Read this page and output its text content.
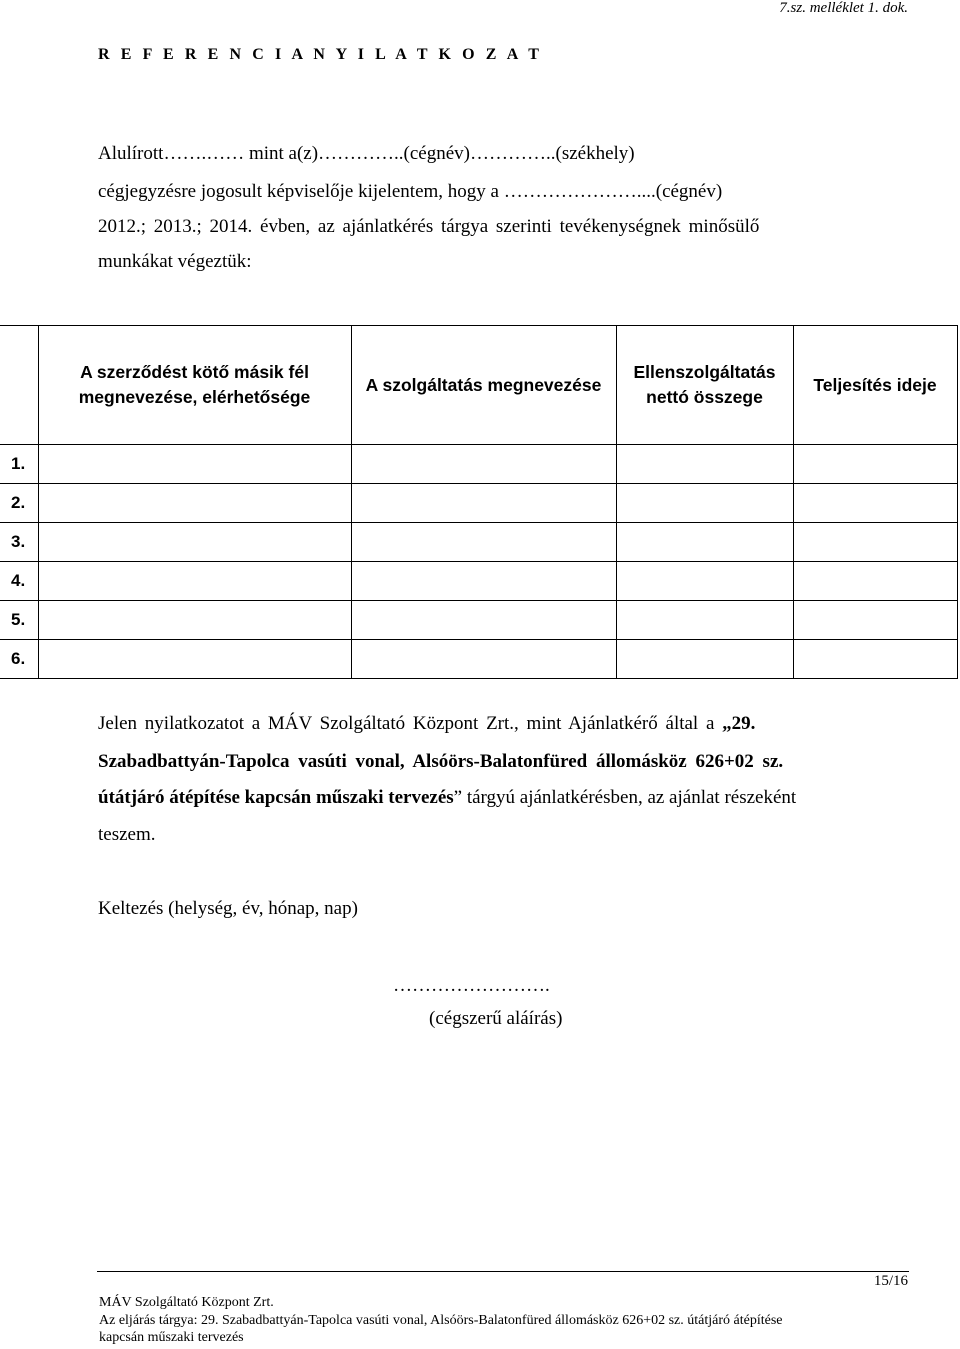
7.sz. melléklet 1. dok.
R E F E R E N C I A N Y I L A T K O Z A T
Alulírott…….…… mint a(z)…………..(cégnév)…………..(székhely)
cégjegyzésre jogosult képviselője kijelentem, hogy a …………………....(cégnév)
2012.; 2013.; 2014. évben, az ajánlatkérés tárgya szerinti tevékenységnek minősülő
munkákat végeztük:
	A szerződést kötő másik fél megnevezése, elérhetősége	A szolgáltatás megnevezése	Ellenszolgáltatás nettó összege	Teljesítés ideje
1.				
2.				
3.				
4.				
5.				
6.				
Jelen nyilatkozatot a MÁV Szolgáltató Központ Zrt., mint Ajánlatkérő által a „29.
Szabadbattyán-Tapolca vasúti vonal, Alsóörs-Balatonfüred állomásköz 626+02 sz.
útátjáró átépítése kapcsán műszaki tervezés” tárgyú ajánlatkérésben, az ajánlat részeként
teszem.
Keltezés (helység, év, hónap, nap)
…………………….
(cégszerű aláírás)
15/16
MÁV Szolgáltató Központ Zrt.
Az eljárás tárgya: 29. Szabadbattyán-Tapolca vasúti vonal, Alsóörs-Balatonfüred állomásköz 626+02 sz. útátjáró átépítése
kapcsán műszaki tervezés
